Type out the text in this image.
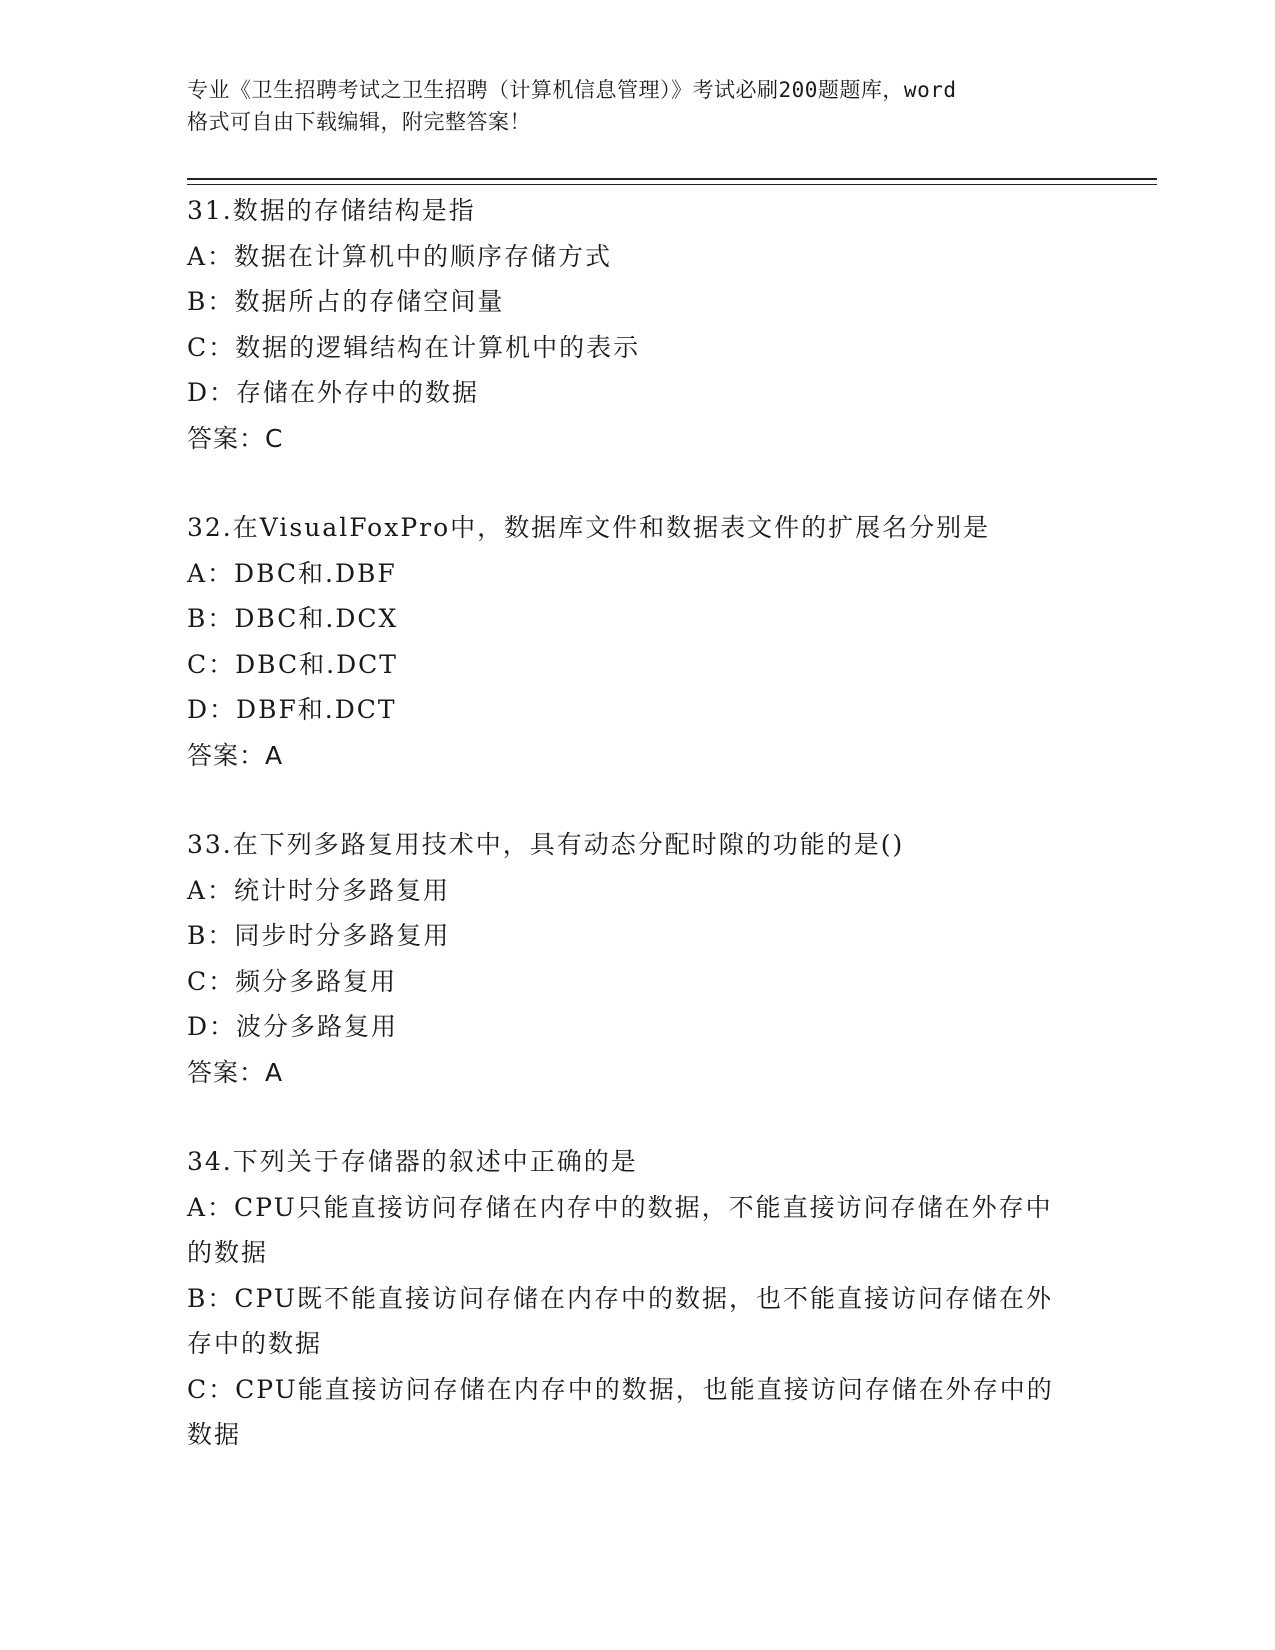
专业《卫生招聘考试之卫生招聘（计算机信息管理）》考试必刷200题题库，word
格式可自由下载编辑，附完整答案！
31.数据的存储结构是指
A：数据在计算机中的顺序存储方式
B：数据所占的存储空间量
C：数据的逻辑结构在计算机中的表示
D：存储在外存中的数据
答案：C
32.在VisualFoxPro中，数据库文件和数据表文件的扩展名分别是
A：DBC和.DBF
B：DBC和.DCX
C：DBC和.DCT
D：DBF和.DCT
答案：A
33.在下列多路复用技术中，具有动态分配时隙的功能的是()
A：统计时分多路复用
B：同步时分多路复用
C：频分多路复用
D：波分多路复用
答案：A
34.下列关于存储器的叙述中正确的是
A：CPU只能直接访问存储在内存中的数据，不能直接访问存储在外存中的数据
B：CPU既不能直接访问存储在内存中的数据，也不能直接访问存储在外存中的数据
C：CPU能直接访问存储在内存中的数据，也能直接访问存储在外存中的数据
